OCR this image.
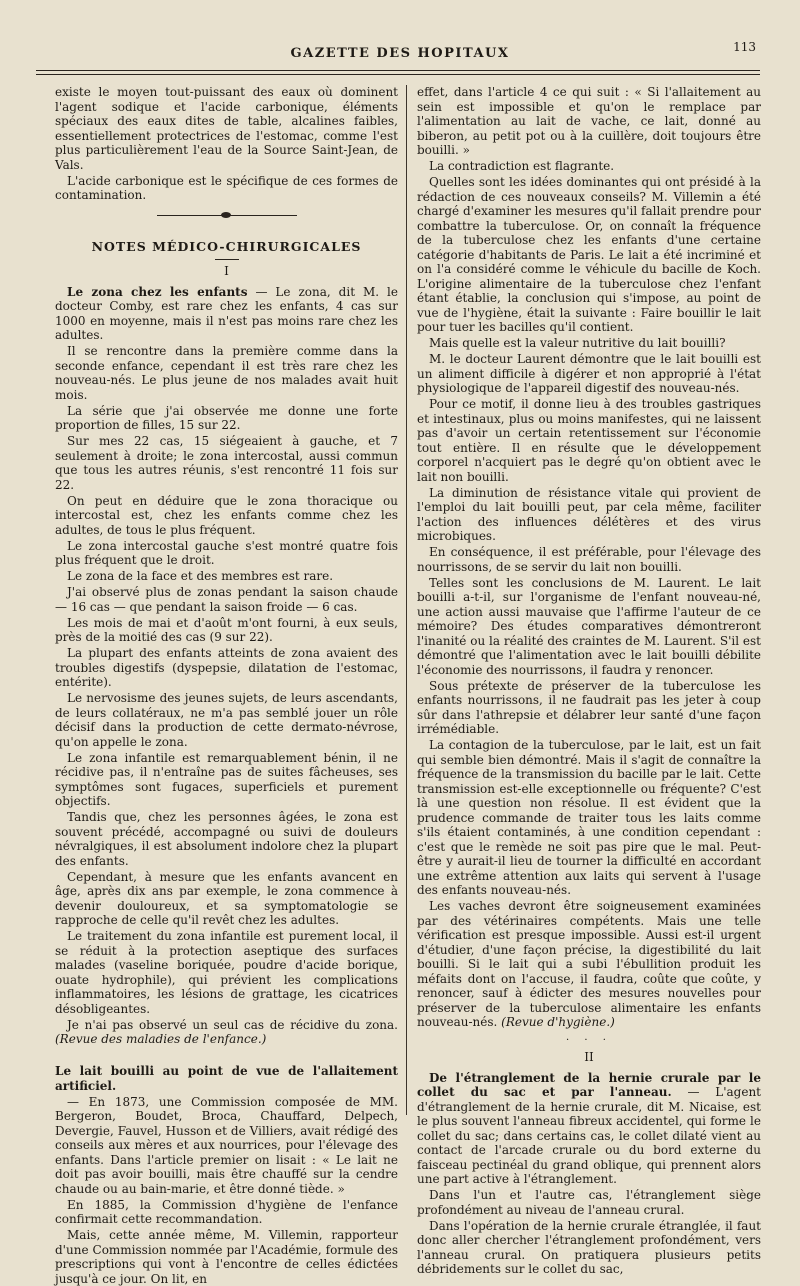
GAZETTE DES HOPITAUX	113

existe le moyen tout-puissant des eaux où dominent l'agent sodique et l'acide carbonique, éléments spéciaux des eaux dites de table, alcalines faibles, essentiellement protectrices de l'estomac, comme l'est plus particulièrement l'eau de la Source Saint-Jean, de Vals.

L'acide carbonique est le spécifique de ces formes de contamination.

NOTES MÉDICO-CHIRURGICALES
I

Le zona chez les enfants — Le zona, dit M. le docteur Comby, est rare chez les enfants, 4 cas sur 1000 en moyenne, mais il n'est pas moins rare chez les adultes.

Il se rencontre dans la première comme dans la seconde enfance, cependant il est très rare chez les nouveau-nés. Le plus jeune de nos malades avait huit mois.

La série que j'ai observée me donne une forte proportion de filles, 15 sur 22.

Sur mes 22 cas, 15 siégeaient à gauche, et 7 seulement à droite; le zona intercostal, aussi commun que tous les autres réunis, s'est rencontré 11 fois sur 22.

On peut en déduire que le zona thoracique ou intercostal est, chez les enfants comme chez les adultes, de tous le plus fréquent.

Le zona intercostal gauche s'est montré quatre fois plus fréquent que le droit.

Le zona de la face et des membres est rare.

J'ai observé plus de zonas pendant la saison chaude — 16 cas — que pendant la saison froide — 6 cas.

Les mois de mai et d'août m'ont fourni, à eux seuls, près de la moitié des cas (9 sur 22).

La plupart des enfants atteints de zona avaient des troubles digestifs (dyspepsie, dilatation de l'estomac, entérite).

Le nervosisme des jeunes sujets, de leurs ascendants, de leurs collatéraux, ne m'a pas semblé jouer un rôle décisif dans la production de cette dermato-névrose, qu'on appelle le zona.

Le zona infantile est remarquablement bénin, il ne récidive pas, il n'entraîne pas de suites fâcheuses, ses symptômes sont fugaces, superficiels et purement objectifs.

Tandis que, chez les personnes âgées, le zona est souvent précédé, accompagné ou suivi de douleurs névralgiques, il est absolument indolore chez la plupart des enfants.

Cependant, à mesure que les enfants avancent en âge, après dix ans par exemple, le zona commence à devenir douloureux, et sa symptomatologie se rapproche de celle qu'il revêt chez les adultes.

Le traitement du zona infantile est purement local, il se réduit à la protection aseptique des surfaces malades (vaseline boriquée, poudre d'acide borique, ouate hydrophile), qui prévient les complications inflammatoires, les lésions de grattage, les cicatrices désobligeantes.

Je n'ai pas observé un seul cas de récidive du zona. (Revue des maladies de l'enfance.)

Le lait bouilli au point de vue de l'allaitement artificiel.

— En 1873, une Commission composée de MM. Bergeron, Boudet, Broca, Chauffard, Delpech, Devergie, Fauvel, Husson et de Villiers, avait rédigé des conseils aux mères et aux nourrices, pour l'élevage des enfants. Dans l'article premier on lisait : « Le lait ne doit pas avoir bouilli, mais être chauffé sur la cendre chaude ou au bain-marie, et être donné tiède. »

En 1885, la Commission d'hygiène de l'enfance confirmait cette recommandation.

Mais, cette année même, M. Villemin, rapporteur d'une Commission nommée par l'Académie, formule des prescriptions qui vont à l'encontre de celles édictées jusqu'à ce jour. On lit, en

effet, dans l'article 4 ce qui suit : « Si l'allaitement au sein est impossible et qu'on le remplace par l'alimentation au lait de vache, ce lait, donné au biberon, au petit pot ou à la cuillère, doit toujours être bouilli. »

La contradiction est flagrante.

Quelles sont les idées dominantes qui ont présidé à la rédaction de ces nouveaux conseils? M. Villemin a été chargé d'examiner les mesures qu'il fallait prendre pour combattre la tuberculose. Or, on connaît la fréquence de la tuberculose chez les enfants d'une certaine catégorie d'habitants de Paris. Le lait a été incriminé et on l'a considéré comme le véhicule du bacille de Koch. L'origine alimentaire de la tuberculose chez l'enfant étant établie, la conclusion qui s'impose, au point de vue de l'hygiène, était la suivante : Faire bouillir le lait pour tuer les bacilles qu'il contient.

Mais quelle est la valeur nutritive du lait bouilli?

M. le docteur Laurent démontre que le lait bouilli est un aliment difficile à digérer et non approprié à l'état physiologique de l'appareil digestif des nouveau-nés.

Pour ce motif, il donne lieu à des troubles gastriques et intestinaux, plus ou moins manifestes, qui ne laissent pas d'avoir un certain retentissement sur l'économie tout entière. Il en résulte que le développement corporel n'acquiert pas le degré qu'on obtient avec le lait non bouilli.

La diminution de résistance vitale qui provient de l'emploi du lait bouilli peut, par cela même, faciliter l'action des influences délétères et des virus microbiques.

En conséquence, il est préférable, pour l'élevage des nourrissons, de se servir du lait non bouilli.

Telles sont les conclusions de M. Laurent. Le lait bouilli a-t-il, sur l'organisme de l'enfant nouveau-né, une action aussi mauvaise que l'affirme l'auteur de ce mémoire? Des études comparatives démontreront l'inanité ou la réalité des craintes de M. Laurent. S'il est démontré que l'alimentation avec le lait bouilli débilite l'économie des nourrissons, il faudra y renoncer.

Sous prétexte de préserver de la tuberculose les enfants nourrissons, il ne faudrait pas les jeter à coup sûr dans l'athrepsie et délabrer leur santé d'une façon irrémédiable.

La contagion de la tuberculose, par le lait, est un fait qui semble bien démontré. Mais il s'agit de connaître la fréquence de la transmission du bacille par le lait. Cette transmission est-elle exceptionnelle ou fréquente? C'est là une question non résolue. Il est évident que la prudence commande de traiter tous les laits comme s'ils étaient contaminés, à une condition cependant : c'est que le remède ne soit pas pire que le mal. Peut-être y aurait-il lieu de tourner la difficulté en accordant une extrême attention aux laits qui servent à l'usage des enfants nouveau-nés.

Les vaches devront être soigneusement examinées par des vétérinaires compétents. Mais une telle vérification est presque impossible. Aussi est-il urgent d'étudier, d'une façon précise, la digestibilité du lait bouilli. Si le lait qui a subi l'ébullition produit les méfaits dont on l'accuse, il faudra, coûte que coûte, y renoncer, sauf à édicter des mesures nouvelles pour préserver de la tuberculose alimentaire les enfants nouveau-nés. (Revue d'hygiène.)

· · ·
II

De l'étranglement de la hernie crurale par le collet du sac et par l'anneau. — L'agent d'étranglement de la hernie crurale, dit M. Nicaise, est le plus souvent l'anneau fibreux accidentel, qui forme le collet du sac; dans certains cas, le collet dilaté vient au contact de l'arcade crurale ou du bord externe du faisceau pectinéal du grand oblique, qui prennent alors une part active à l'étranglement.

Dans l'un et l'autre cas, l'étranglement siège profondément au niveau de l'anneau crural.

Dans l'opération de la hernie crurale étranglée, il faut donc aller chercher l'étranglement profondément, vers l'anneau crural. On pratiquera plusieurs petits débridements sur le collet du sac,
